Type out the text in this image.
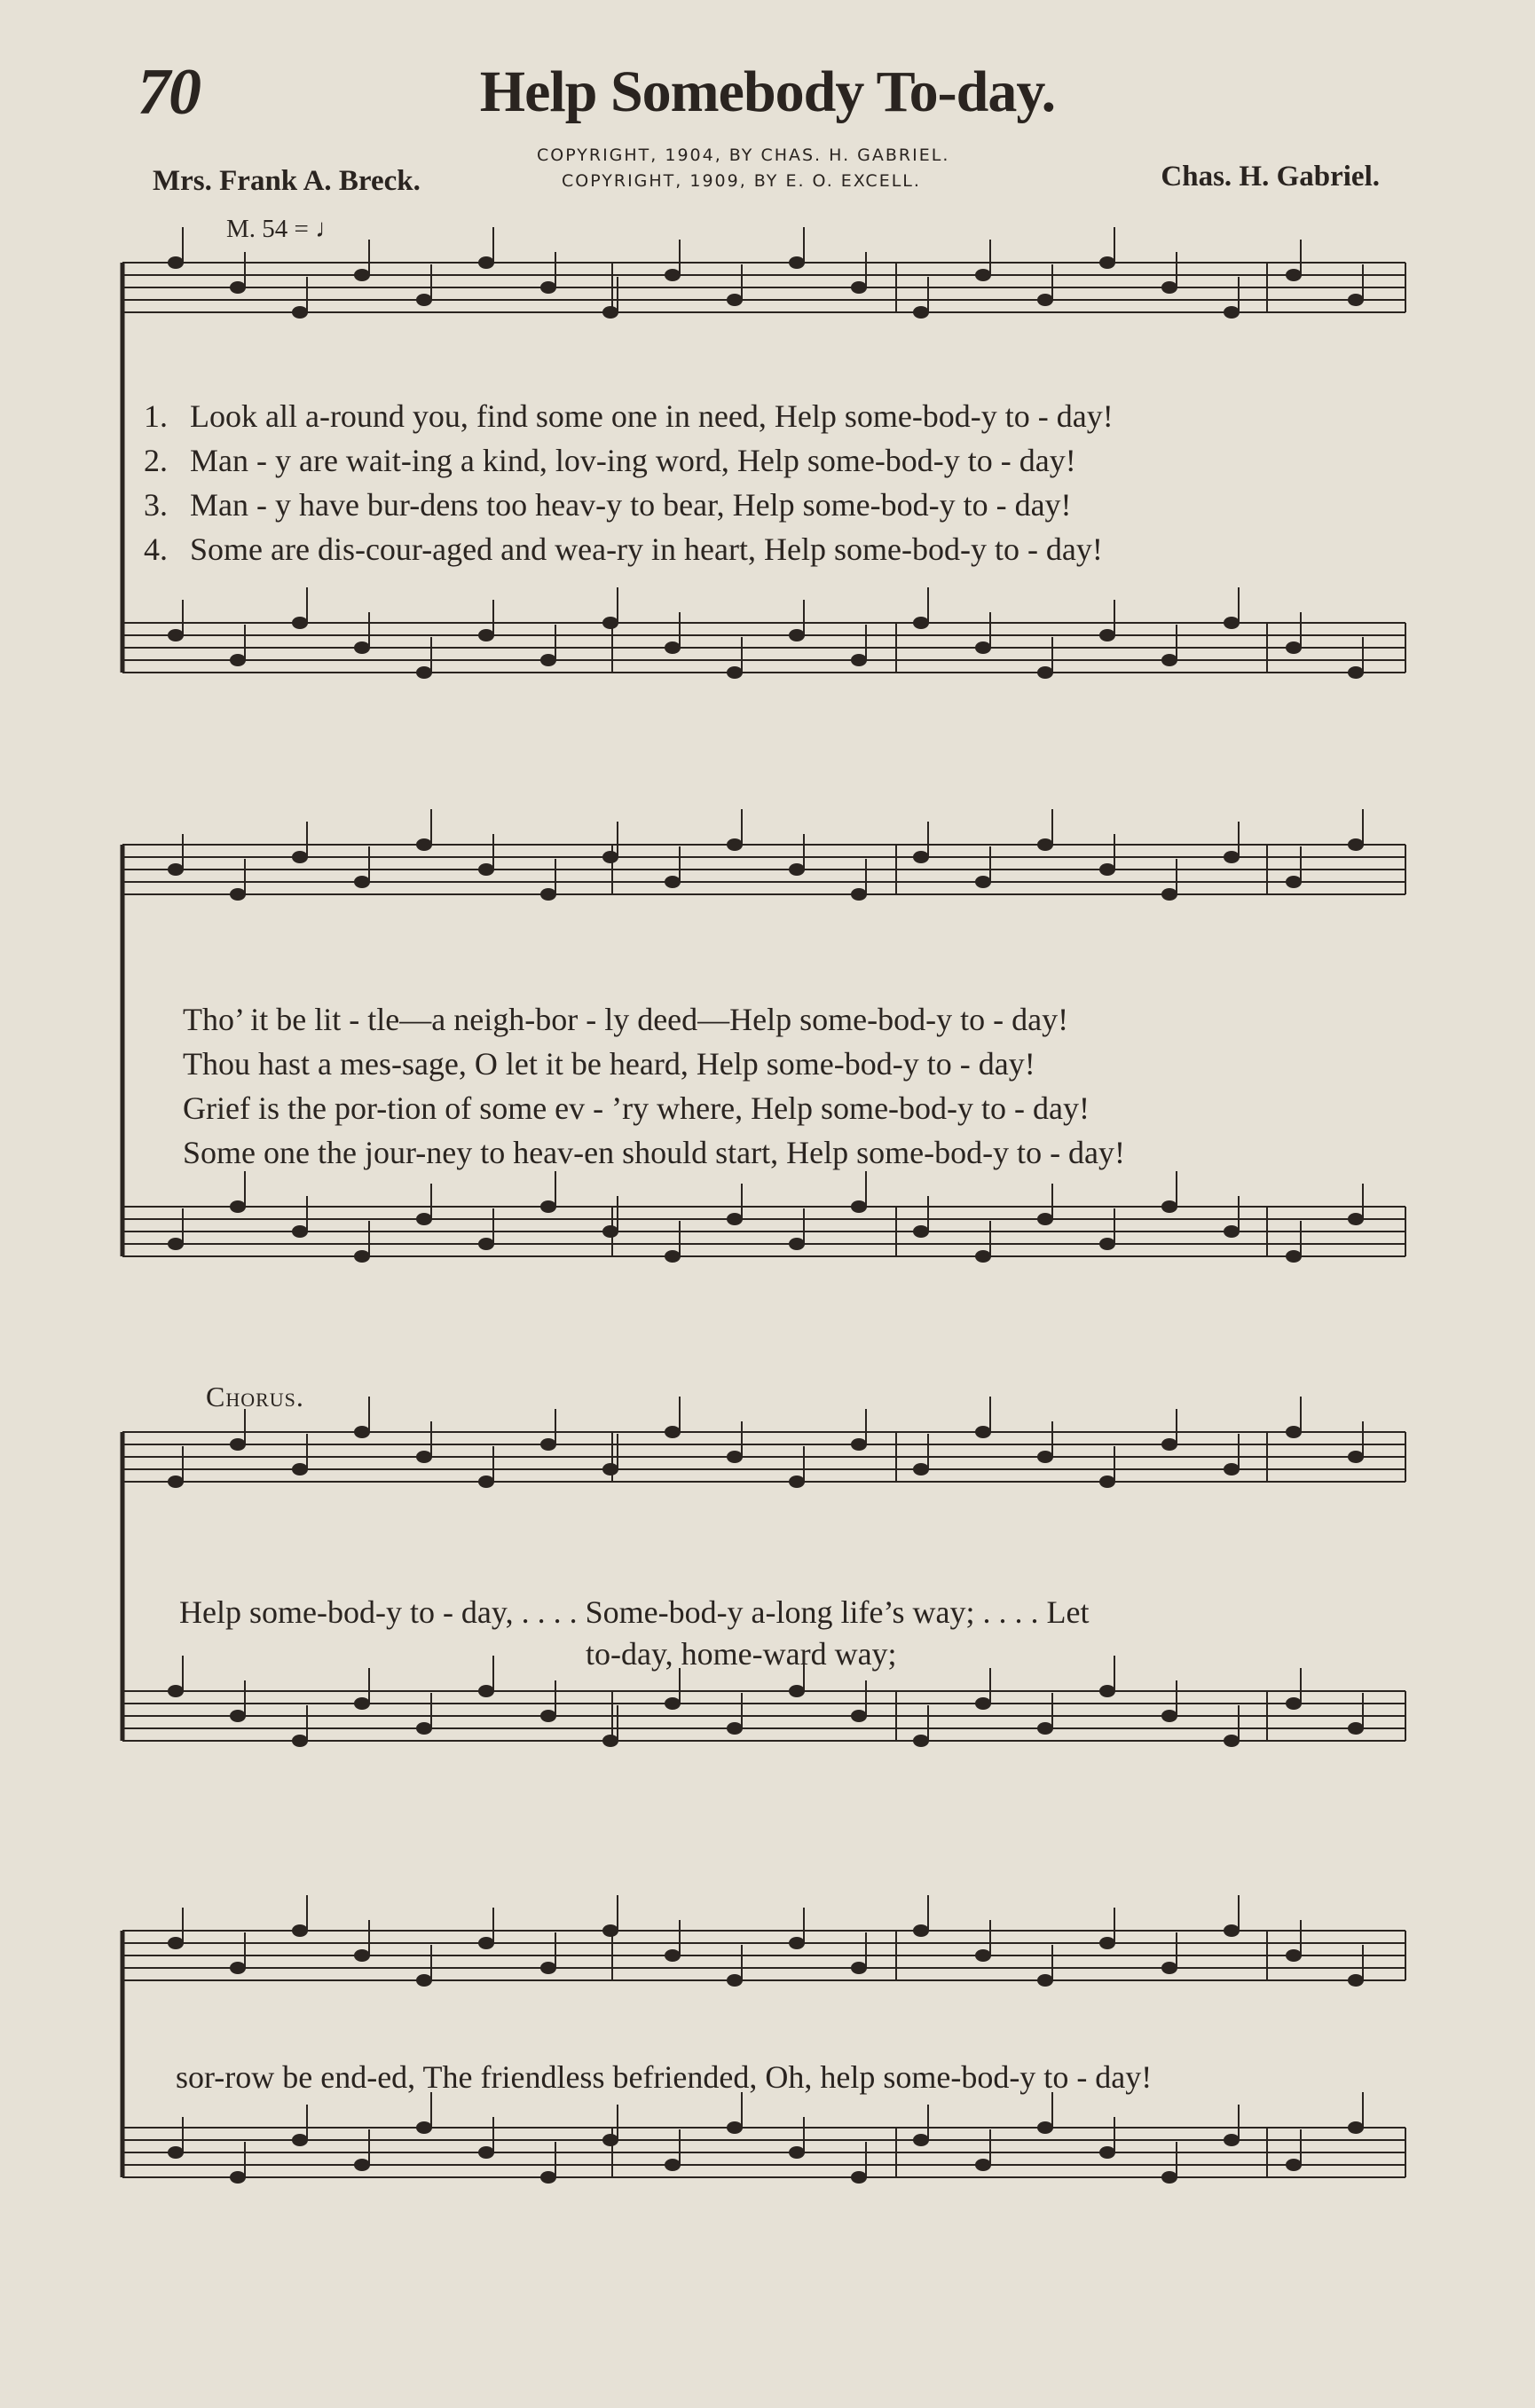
70	Help Somebody To-day.
Mrs. Frank A. Breck.
COPYRIGHT, 1904, BY CHAS. H. GABRIEL.
COPYRIGHT, 1909, BY E. O. EXCELL.	Chas. H. Gabriel.
M. 54 = ♩
1. Look all a-round you, find some one in need, Help some-bod-y to - day!
2. Man - y are wait-ing a kind, lov-ing word, Help some-bod-y to - day!
3. Man - y have bur-dens too heav-y to bear, Help some-bod-y to - day!
4. Some are dis-cour-aged and wea-ry in heart, Help some-bod-y to - day!
Tho’ it be lit - tle—a neigh-bor - ly deed—Help some-bod-y to - day!
Thou hast a mes-sage, O let it be heard, Help some-bod-y to - day!
Grief is the por-tion of some ev - ’ry where, Help some-bod-y to - day!
Some one the jour-ney to heav-en should start, Help some-bod-y to - day!
Chorus.
Help some-bod-y to - day, . . . . Some-bod-y a-long life’s way; . . . . Let
to-day, home-ward way;
sor-row be end-ed, The friendless befriended, Oh, help some-bod-y to - day!
